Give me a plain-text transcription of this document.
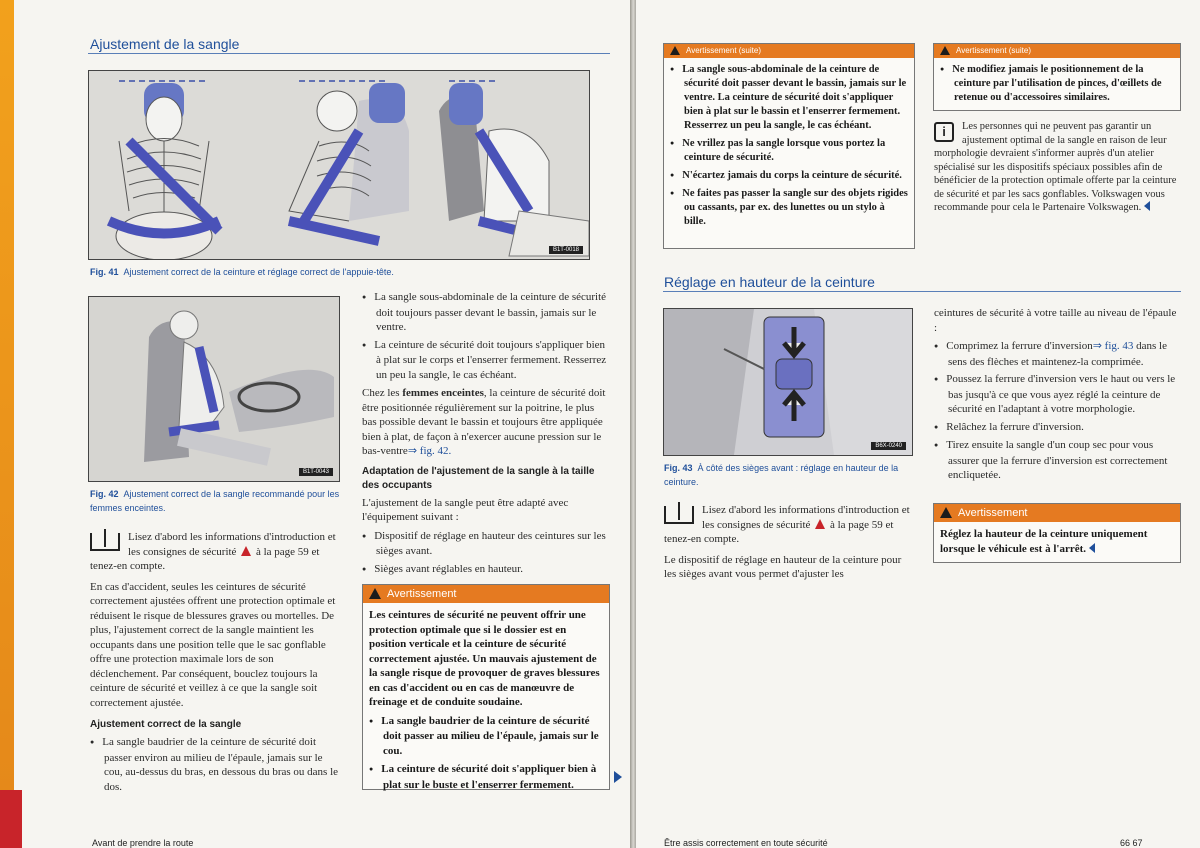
Ajustement de la sangle
B1T-0018
Fig. 41 Ajustement correct de la ceinture et réglage correct de l'appuie-tête.
B1T-0043
Fig. 42 Ajustement correct de la sangle recommandé pour les femmes enceintes.

Lisez d'abord les informations d'introduction et les consignes de sécurité à la page 59 et tenez-en compte.

En cas d'accident, seules les ceintures de sécurité correctement ajustées offrent une protection optimale et réduisent le risque de blessures graves ou mortelles. De plus, l'ajustement correct de la sangle maintient les occupants dans une position telle que le sac gonflable offre une protection maximale lors de son déclenchement. Par conséquent, bouclez toujours la ceinture de sécurité et veillez à ce que la sangle soit correctement ajustée.

Ajustement correct de la sangle
● La sangle baudrier de la ceinture de sécurité doit passer environ au milieu de l'épaule, jamais sur le cou, au-dessus du bras, en dessous du bras ou dans le dos.
● La sangle sous-abdominale de la ceinture de sécurité doit toujours passer devant le bassin, jamais sur le ventre.
● La ceinture de sécurité doit toujours s'appliquer bien à plat sur le corps et l'enserrer fermement. Resserrez un peu la sangle, le cas échéant.

Chez les femmes enceintes, la ceinture de sécurité doit être positionnée régulièrement sur la poitrine, le plus bas possible devant le bassin et toujours être appliquée bien à plat, de façon à n'exercer aucune pression sur le bas-ventre⇒ fig. 42.

Adaptation de l'ajustement de la sangle à la taille des occupants

L'ajustement de la sangle peut être adapté avec l'équipement suivant :

● Dispositif de réglage en hauteur des ceintures sur les sièges avant.
● Sièges avant réglables en hauteur.
Avertissement

Les ceintures de sécurité ne peuvent offrir une protection optimale que si le dossier est en position verticale et la ceinture de sécurité correctement ajustée. Un mauvais ajustement de la sangle risque de provoquer de graves blessures en cas d'accident ou en cas de manœuvre de freinage et de conduite soudaine.

● La sangle baudrier de la ceinture de sécurité doit passer au milieu de l'épaule, jamais sur le cou.
● La ceinture de sécurité doit s'appliquer bien à plat sur le buste et l'enserrer fermement.
Avant de prendre la route
Avertissement (suite)
● La sangle sous-abdominale de la ceinture de sécurité doit passer devant le bassin, jamais sur le ventre. La ceinture de sécurité doit s'appliquer bien à plat sur le bassin et l'enserrer fermement. Resserrez un peu la sangle, le cas échéant.
● Ne vrillez pas la sangle lorsque vous portez la ceinture de sécurité.
● N'écartez jamais du corps la ceinture de sécurité.
● Ne faites pas passer la sangle sur des objets rigides ou cassants, par ex. des lunettes ou un stylo à bille.
Avertissement (suite)
● Ne modifiez jamais le positionnement de la ceinture par l'utilisation de pinces, d'œillets de retenue ou d'accessoires similaires.
i	Les personnes qui ne peuvent pas garantir un ajustement optimal de la sangle en raison de leur morphologie devraient s'informer auprès d'un atelier spécialisé sur les dispositifs spéciaux possibles afin de bénéficier de la protection optimale offerte par la ceinture de sécurité et par les sacs gonflables. Volkswagen vous recommande pour cela le Partenaire Volkswagen.
Réglage en hauteur de la ceinture
B6X-0240
Fig. 43 À côté des sièges avant : réglage en hauteur de la ceinture.

Lisez d'abord les informations d'introduction et les consignes de sécurité à la page 59 et tenez-en compte.

Le dispositif de réglage en hauteur de la ceinture pour les sièges avant vous permet d'ajuster les

ceintures de sécurité à votre taille au niveau de l'épaule :

● Comprimez la ferrure d'inversion⇒ fig. 43 dans le sens des flèches et maintenez-la comprimée.
● Poussez la ferrure d'inversion vers le haut ou vers le bas jusqu'à ce que vous ayez réglé la ceinture de sécurité en l'adaptant à votre morphologie.
● Relâchez la ferrure d'inversion.
● Tirez ensuite la sangle d'un coup sec pour vous assurer que la ferrure d'inversion est correctement encliquetée.
Avertissement
Réglez la hauteur de la ceinture uniquement lorsque le véhicule est à l'arrêt.
Être assis correctement en toute sécurité	66 67
